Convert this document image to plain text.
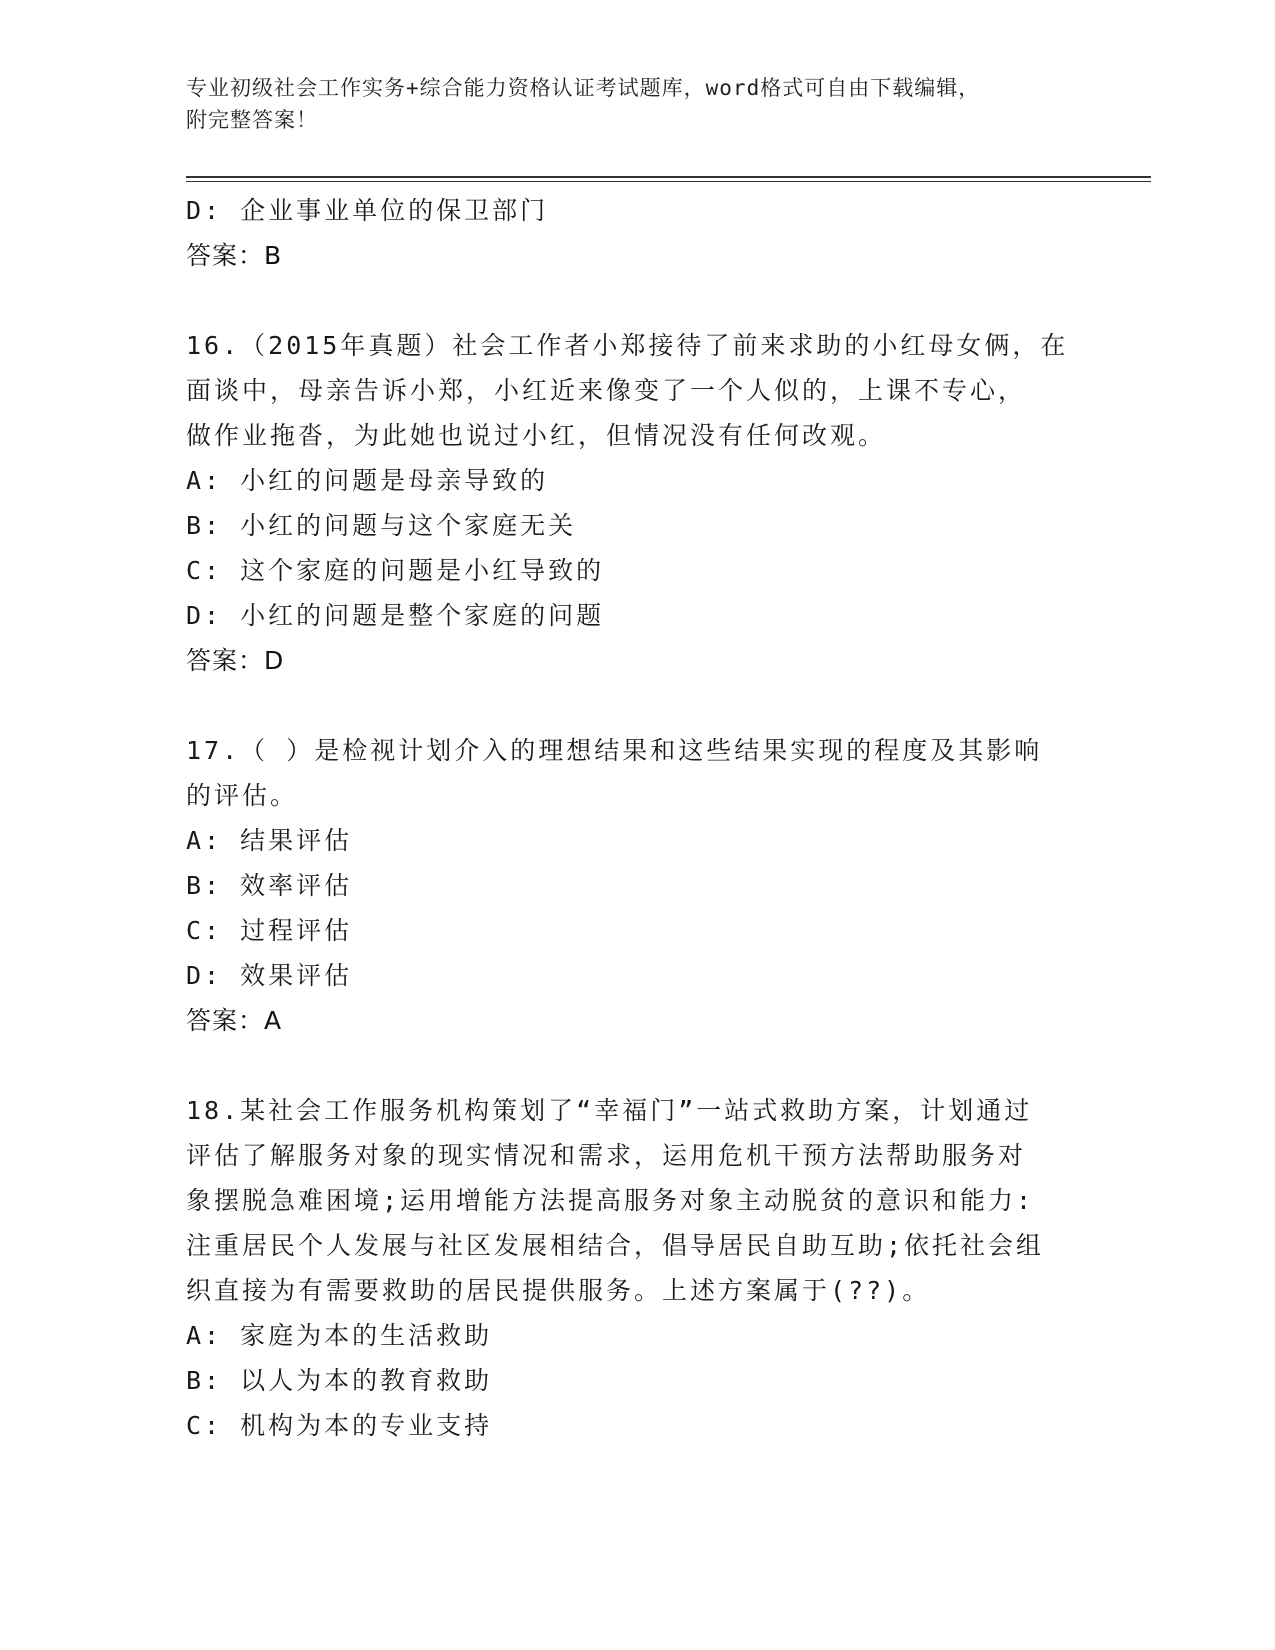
专业初级社会工作实务+综合能力资格认证考试题库，word格式可自由下载编辑，
附完整答案！
D: 企业事业单位的保卫部门
答案：B
16.（2015年真题）社会工作者小郑接待了前来求助的小红母女俩，在
面谈中，母亲告诉小郑，小红近来像变了一个人似的，上课不专心，
做作业拖沓，为此她也说过小红，但情况没有任何改观。
A: 小红的问题是母亲导致的
B: 小红的问题与这个家庭无关
C: 这个家庭的问题是小红导致的
D: 小红的问题是整个家庭的问题
答案：D
17.（ ）是检视计划介入的理想结果和这些结果实现的程度及其影响
的评估。
A: 结果评估
B: 效率评估
C: 过程评估
D: 效果评估
答案：A
18.某社会工作服务机构策划了“幸福门”一站式救助方案，计划通过
评估了解服务对象的现实情况和需求，运用危机干预方法帮助服务对
象摆脱急难困境;运用增能方法提高服务对象主动脱贫的意识和能力:
注重居民个人发展与社区发展相结合，倡导居民自助互助;依托社会组
织直接为有需要救助的居民提供服务。上述方案属于(??)。
A: 家庭为本的生活救助
B: 以人为本的教育救助
C: 机构为本的专业支持
